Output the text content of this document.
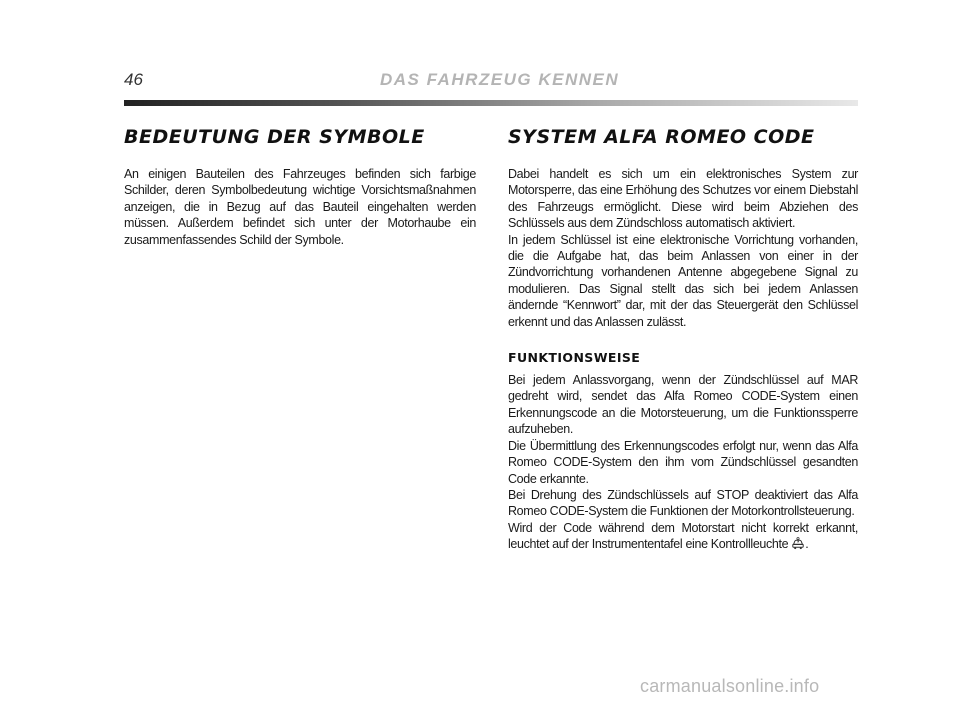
46	DAS FAHRZEUG KENNEN
BEDEUTUNG DER SYMBOLE

An einigen Bauteilen des Fahrzeuges befinden sich farbige Schilder, deren Symbolbedeutung wichtige Vorsichtsmaßnahmen anzeigen, die in Bezug auf das Bauteil eingehalten werden müssen. Außerdem befindet sich unter der Motorhaube ein zusammenfassendes Schild der Symbole.

SYSTEM ALFA ROMEO CODE

Dabei handelt es sich um ein elektronisches System zur Motorsperre, das eine Erhöhung des Schutzes vor einem Diebstahl des Fahrzeugs ermöglicht. Diese wird beim Abziehen des Schlüssels aus dem Zündschloss automatisch aktiviert.

In jedem Schlüssel ist eine elektronische Vorrichtung vorhanden, die die Aufgabe hat, das beim Anlassen von einer in der Zündvorrichtung vorhandenen Antenne abgegebene Signal zu modulieren. Das Signal stellt das sich bei jedem Anlassen ändernde “Kennwort” dar, mit der das Steuergerät den Schlüssel erkennt und das Anlassen zulässt.

FUNKTIONSWEISE

Bei jedem Anlassvorgang, wenn der Zündschlüssel auf MAR gedreht wird, sendet das Alfa Romeo CODE-System einen Erkennungscode an die Motorsteuerung, um die Funktionssperre aufzuheben.

Die Übermittlung des Erkennungscodes erfolgt nur, wenn das Alfa Romeo CODE-System den ihm vom Zündschlüssel gesandten Code erkannte.

Bei Drehung des Zündschlüssels auf STOP deaktiviert das Alfa Romeo CODE-System die Funktionen der Motorkontrollsteuerung.

Wird der Code während dem Motorstart nicht korrekt erkannt, leuchtet auf der Instrumententafel eine Kontrollleuchte .

carmanualsonline.info
